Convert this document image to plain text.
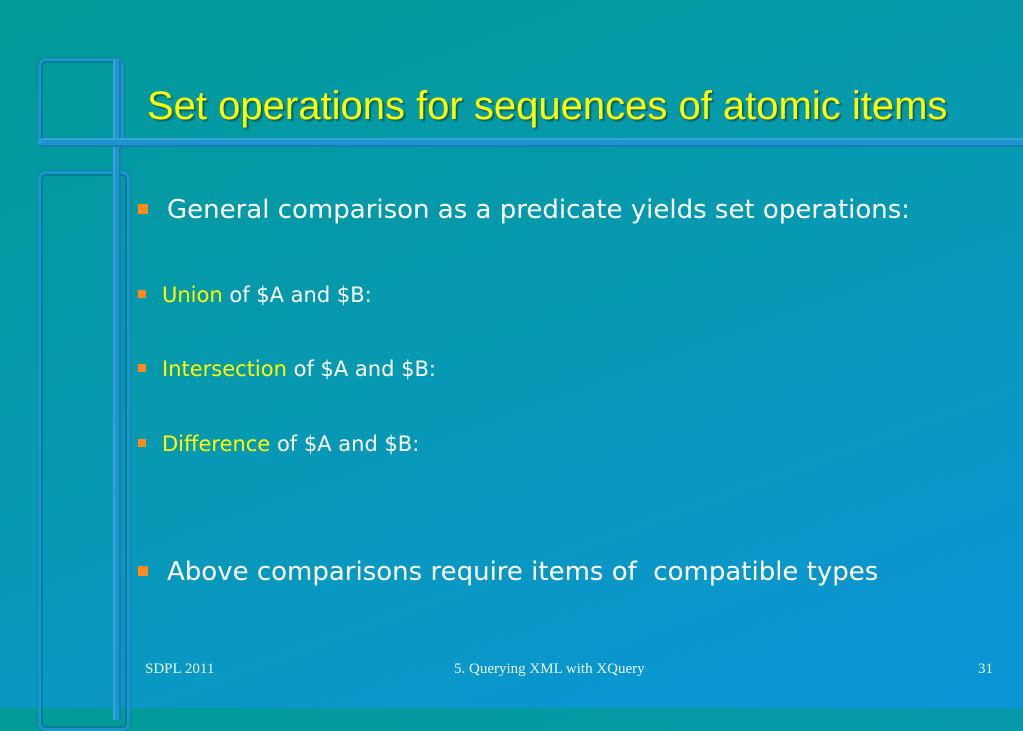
Set operations for sequences of atomic items
General comparison as a predicate yields set operations:
Union of $A and $B:
Intersection of $A and $B:
Difference of $A and $B:
Above comparisons require items of  compatible types
SDPL 2011	5. Querying XML with XQuery	31
